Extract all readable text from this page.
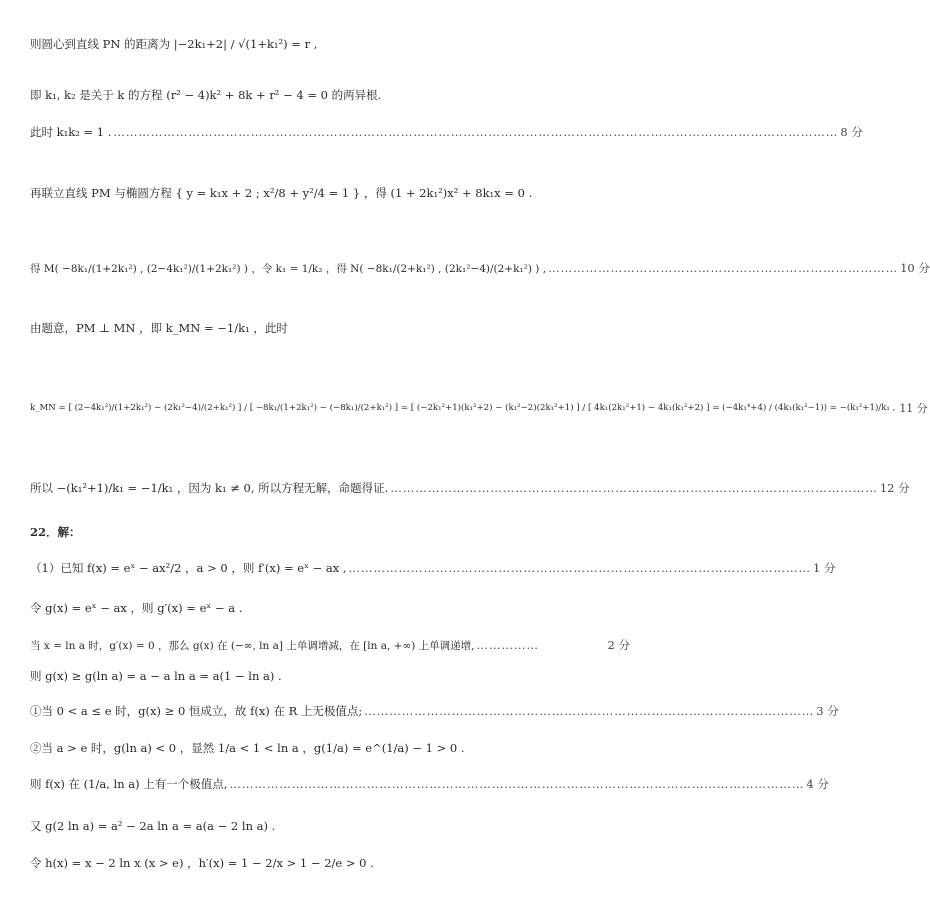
则圆心到直线 PN 的距离为 |−2k₁+2| / √(1+k₁²) = r ,
即 k₁, k₂ 是关于 k 的方程 (r² − 4)k² + 8k + r² − 4 = 0 的两异根.
此时 k₁k₂ = 1 . ………………………………………………………………………………………………………………………………………………………… 8 分
再联立直线 PM 与椭圆方程 { y = k₁x + 2 ; x²/8 + y²/4 = 1 } ，得 (1 + 2k₁²)x² + 8k₁x = 0 .
得 M( −8k₁/(1+2k₁²) , (2−4k₁²)/(1+2k₁²) ) ，令 k₁ = 1/k₂ ，得 N( −8k₁/(2+k₁²) , (2k₁²−4)/(2+k₁²) ) , ………………………………………………………………………… 10 分
由题意，PM ⊥ MN ，即 k_MN = −1/k₁ ，此时
k_MN = [ (2−4k₁²)/(1+2k₁²) − (2k₁²−4)/(2+k₁²) ] / [ −8k₁/(1+2k₁²) − (−8k₁)/(2+k₁²) ] = [ (−2k₁²+1)(k₁²+2) − (k₁²−2)(2k₁²+1) ] / [ 4k₁(2k₁²+1) − 4k₁(k₁²+2) ] = (−4k₁⁴+4) / (4k₁(k₁²−1)) = −(k₁²+1)/k₁ , 11 分
所以 −(k₁²+1)/k₁ = −1/k₁ ，因为 k₁ ≠ 0, 所以方程无解，命题得证. ……………………………………………………………………………………………………… 12 分
22．解：
（1）已知 f(x) = eˣ − ax²/2 ，a > 0 ，则 f′(x) = eˣ − ax , ………………………………………………………………………………………………… 1 分
令 g(x) = eˣ − ax ，则 g′(x) = eˣ − a .
当 x = ln a 时，g′(x) = 0 ，那么 g(x) 在 (−∞, ln a] 上单调增减，在 [ln a, +∞) 上单调递增, ……………	2 分
则 g(x) ≥ g(ln a) = a − a ln a = a(1 − ln a) .
①当 0 < a ≤ e 时，g(x) ≥ 0 恒成立，故 f(x) 在 R 上无极值点; ……………………………………………………………………………………………… 3 分
②当 a > e 时，g(ln a) < 0 ，显然 1/a < 1 < ln a ，g(1/a) = e^(1/a) − 1 > 0 .
则 f(x) 在 (1/a, ln a) 上有一个极值点, ………………………………………………………………………………………………………………………… 4 分
又 g(2 ln a) = a² − 2a ln a = a(a − 2 ln a) .
令 h(x) = x − 2 ln x (x > e) ，h′(x) = 1 − 2/x > 1 − 2/e > 0 .
